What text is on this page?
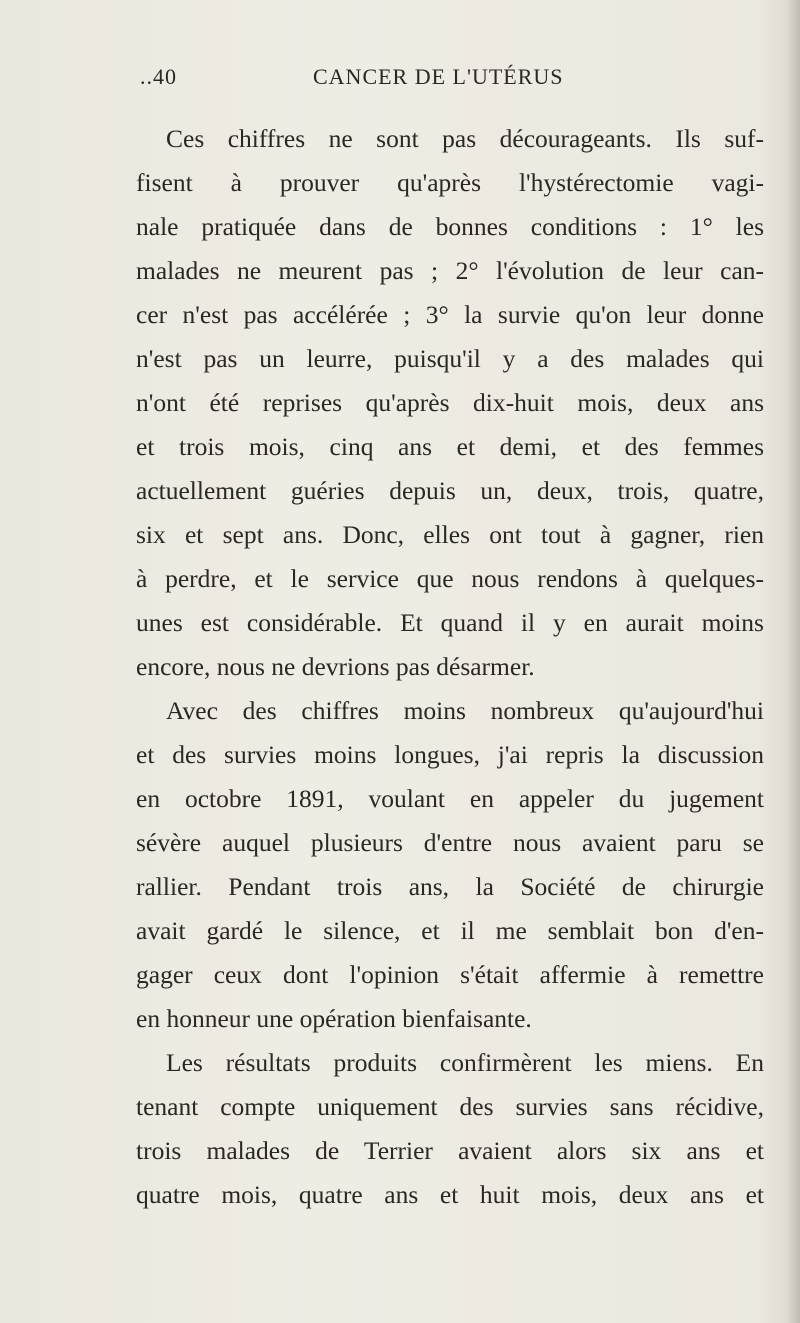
..40	CANCER DE L'UTÉRUS
Ces chiffres ne sont pas décourageants. Ils suf-
fisent à prouver qu'après l'hystérectomie vagi-
nale pratiquée dans de bonnes conditions : 1° les
malades ne meurent pas ; 2° l'évolution de leur can-
cer n'est pas accélérée ; 3° la survie qu'on leur donne
n'est pas un leurre, puisqu'il y a des malades qui
n'ont été reprises qu'après dix-huit mois, deux ans
et trois mois, cinq ans et demi, et des femmes
actuellement guéries depuis un, deux, trois, quatre,
six et sept ans. Donc, elles ont tout à gagner, rien
à perdre, et le service que nous rendons à quelques-
unes est considérable. Et quand il y en aurait moins
encore, nous ne devrions pas désarmer.
Avec des chiffres moins nombreux qu'aujourd'hui
et des survies moins longues, j'ai repris la discussion
en octobre 1891, voulant en appeler du jugement
sévère auquel plusieurs d'entre nous avaient paru se
rallier. Pendant trois ans, la Société de chirurgie
avait gardé le silence, et il me semblait bon d'en-
gager ceux dont l'opinion s'était affermie à remettre
en honneur une opération bienfaisante.
Les résultats produits confirmèrent les miens. En
tenant compte uniquement des survies sans récidive,
trois malades de Terrier avaient alors six ans et
quatre mois, quatre ans et huit mois, deux ans et
